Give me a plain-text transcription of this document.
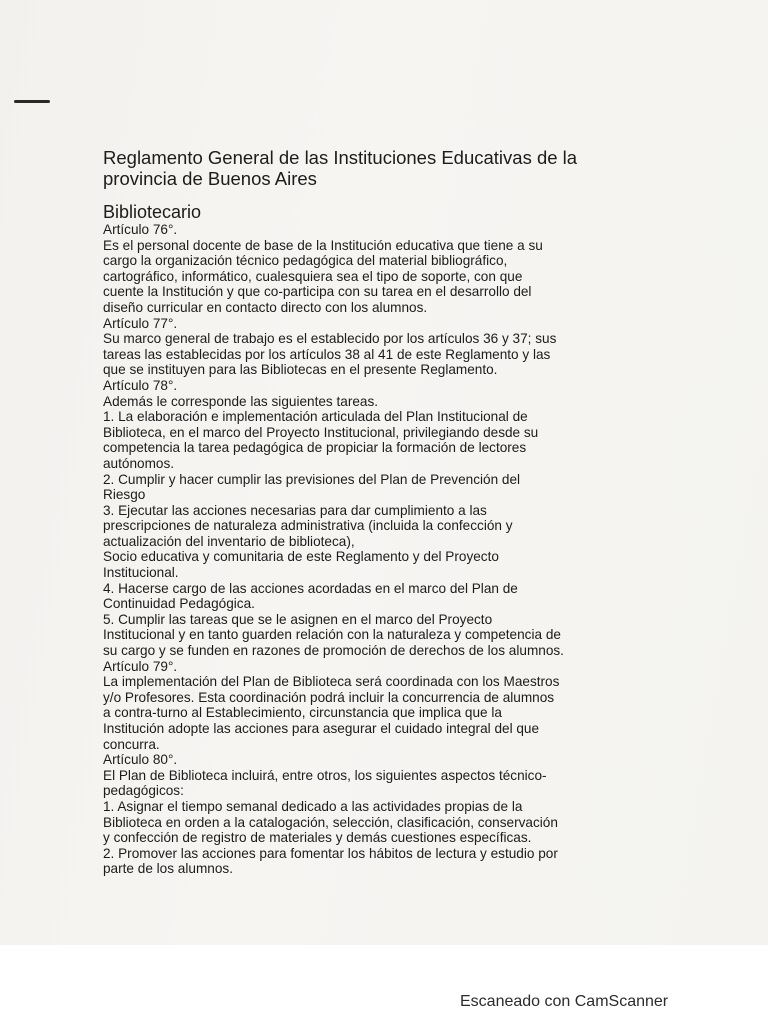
Reglamento General de las Instituciones Educativas de la
provincia de Buenos Aires
Bibliotecario
Artículo 76°.
Es el personal docente de base de la Institución educativa que tiene a su
cargo la organización técnico pedagógica del material bibliográfico,
cartográfico, informático, cualesquiera sea el tipo de soporte, con que
cuente la Institución y que co-participa con su tarea en el desarrollo del
diseño curricular en contacto directo con los alumnos.
Artículo 77°.
Su marco general de trabajo es el establecido por los artículos 36 y 37; sus
tareas las establecidas por los artículos 38 al 41 de este Reglamento y las
que se instituyen para las Bibliotecas en el presente Reglamento.
Artículo 78°.
Además le corresponde las siguientes tareas.
1. La elaboración e implementación articulada del Plan Institucional de
Biblioteca, en el marco del Proyecto Institucional, privilegiando desde su
competencia la tarea pedagógica de propiciar la formación de lectores
autónomos.
2. Cumplir y hacer cumplir las previsiones del Plan de Prevención del
Riesgo
3. Ejecutar las acciones necesarias para dar cumplimiento a las
prescripciones de naturaleza administrativa (incluida la confección y
actualización del inventario de biblioteca),
Socio educativa y comunitaria de este Reglamento y del Proyecto
Institucional.
4. Hacerse cargo de las acciones acordadas en el marco del Plan de
Continuidad Pedagógica.
5. Cumplir las tareas que se le asignen en el marco del Proyecto
Institucional y en tanto guarden relación con la naturaleza y competencia de
su cargo y se funden en razones de promoción de derechos de los alumnos.
Artículo 79°.
La implementación del Plan de Biblioteca será coordinada con los Maestros
y/o Profesores. Esta coordinación podrá incluir la concurrencia de alumnos
a contra-turno al Establecimiento, circunstancia que implica que la
Institución adopte las acciones para asegurar el cuidado integral del que
concurra.
Artículo 80°.
El Plan de Biblioteca incluirá, entre otros, los siguientes aspectos técnico-
pedagógicos:
1. Asignar el tiempo semanal dedicado a las actividades propias de la
Biblioteca en orden a la catalogación, selección, clasificación, conservación
y confección de registro de materiales y demás cuestiones específicas.
2. Promover las acciones para fomentar los hábitos de lectura y estudio por
parte de los alumnos.
Escaneado con CamScanner
